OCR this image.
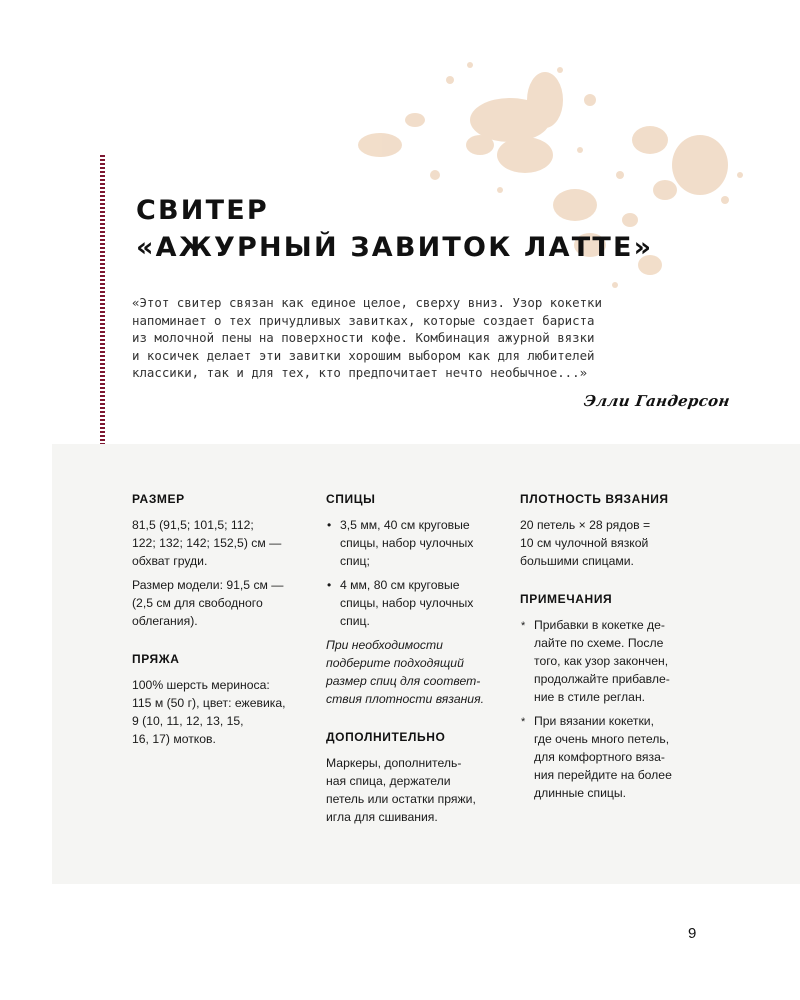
СВИТЕР
«АЖУРНЫЙ ЗАВИТОК ЛАТТЕ»
«Этот свитер связан как единое целое, сверху вниз. Узор кокетки
напоминает о тех причудливых завитках, которые создает бариста
из молочной пены на поверхности кофе. Комбинация ажурной вязки
и косичек делает эти завитки хорошим выбором как для любителей
классики, так и для тех, кто предпочитает нечто необычное...»
Элли Гандерсон
РАЗМЕР
81,5 (91,5; 101,5; 112;
122; 132; 142; 152,5) см —
обхват груди.
Размер модели: 91,5 см —
(2,5 см для свободного
облегания).
ПРЯЖА
100% шерсть мериноса:
115 м (50 г), цвет: ежевика,
9 (10, 11, 12, 13, 15,
16, 17) мотков.
СПИЦЫ
• 3,5 мм, 40 см круговые
спицы, набор чулочных
спиц;
• 4 мм, 80 см круговые
спицы, набор чулочных
спиц.
При необходимости
подберите подходящий
размер спиц для соответ-
ствия плотности вязания.
ДОПОЛНИТЕЛЬНО
Маркеры, дополнитель-
ная спица, держатели
петель или остатки пряжи,
игла для сшивания.
ПЛОТНОСТЬ ВЯЗАНИЯ
20 петель × 28 рядов =
10 см чулочной вязкой
большими спицами.
ПРИМЕЧАНИЯ
* Прибавки в кокетке де-
лайте по схеме. После
того, как узор закончен,
продолжайте прибавле-
ние в стиле реглан.
* При вязании кокетки,
где очень много петель,
для комфортного вяза-
ния перейдите на более
длинные спицы.
9
